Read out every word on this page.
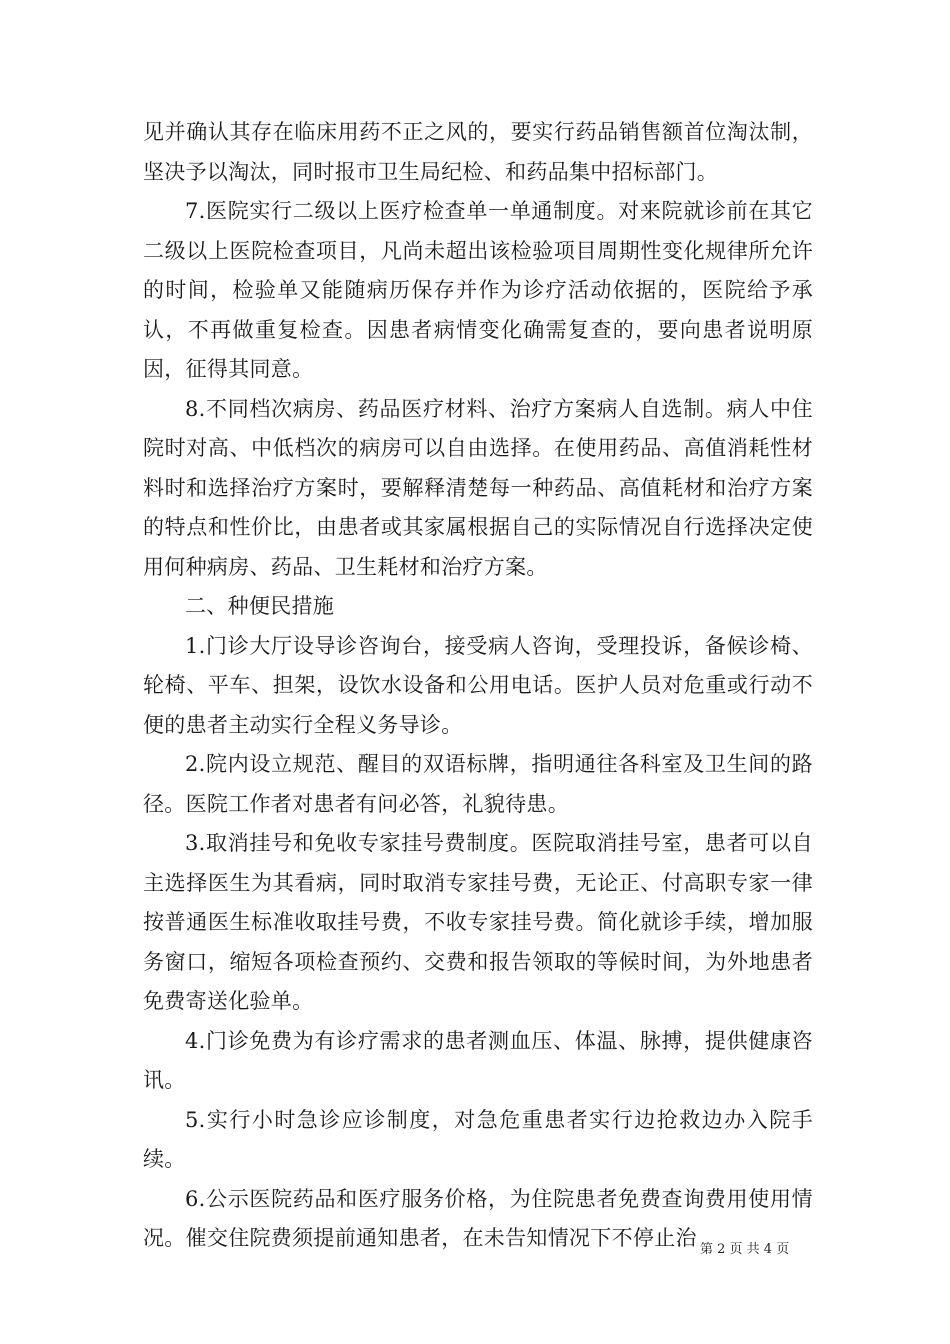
见并确认其存在临床用药不正之风的，要实行药品销售额首位淘汰制，坚决予以淘汰，同时报市卫生局纪检、和药品集中招标部门。

7.医院实行二级以上医疗检查单一单通制度。对来院就诊前在其它二级以上医院检查项目，凡尚未超出该检验项目周期性变化规律所允许的时间，检验单又能随病历保存并作为诊疗活动依据的，医院给予承认，不再做重复检查。因患者病情变化确需复查的，要向患者说明原因，征得其同意。

8.不同档次病房、药品医疗材料、治疗方案病人自选制。病人中住院时对高、中低档次的病房可以自由选择。在使用药品、高值消耗性材料时和选择治疗方案时，要解释清楚每一种药品、高值耗材和治疗方案的特点和性价比，由患者或其家属根据自己的实际情况自行选择决定使用何种病房、药品、卫生耗材和治疗方案。

二、种便民措施

1.门诊大厅设导诊咨询台，接受病人咨询，受理投诉，备候诊椅、轮椅、平车、担架，设饮水设备和公用电话。医护人员对危重或行动不便的患者主动实行全程义务导诊。

2.院内设立规范、醒目的双语标牌，指明通往各科室及卫生间的路径。医院工作者对患者有问必答，礼貌待患。

3.取消挂号和免收专家挂号费制度。医院取消挂号室，患者可以自主选择医生为其看病，同时取消专家挂号费，无论正、付高职专家一律按普通医生标准收取挂号费，不收专家挂号费。简化就诊手续，增加服务窗口，缩短各项检查预约、交费和报告领取的等候时间，为外地患者免费寄送化验单。

4.门诊免费为有诊疗需求的患者测血压、体温、脉搏，提供健康咨讯。

5.实行小时急诊应诊制度，对急危重患者实行边抢救边办入院手续。

6.公示医院药品和医疗服务价格，为住院患者免费查询费用使用情况。催交住院费须提前通知患者，在未告知情况下不停止治 第 2 页 共 4 页
